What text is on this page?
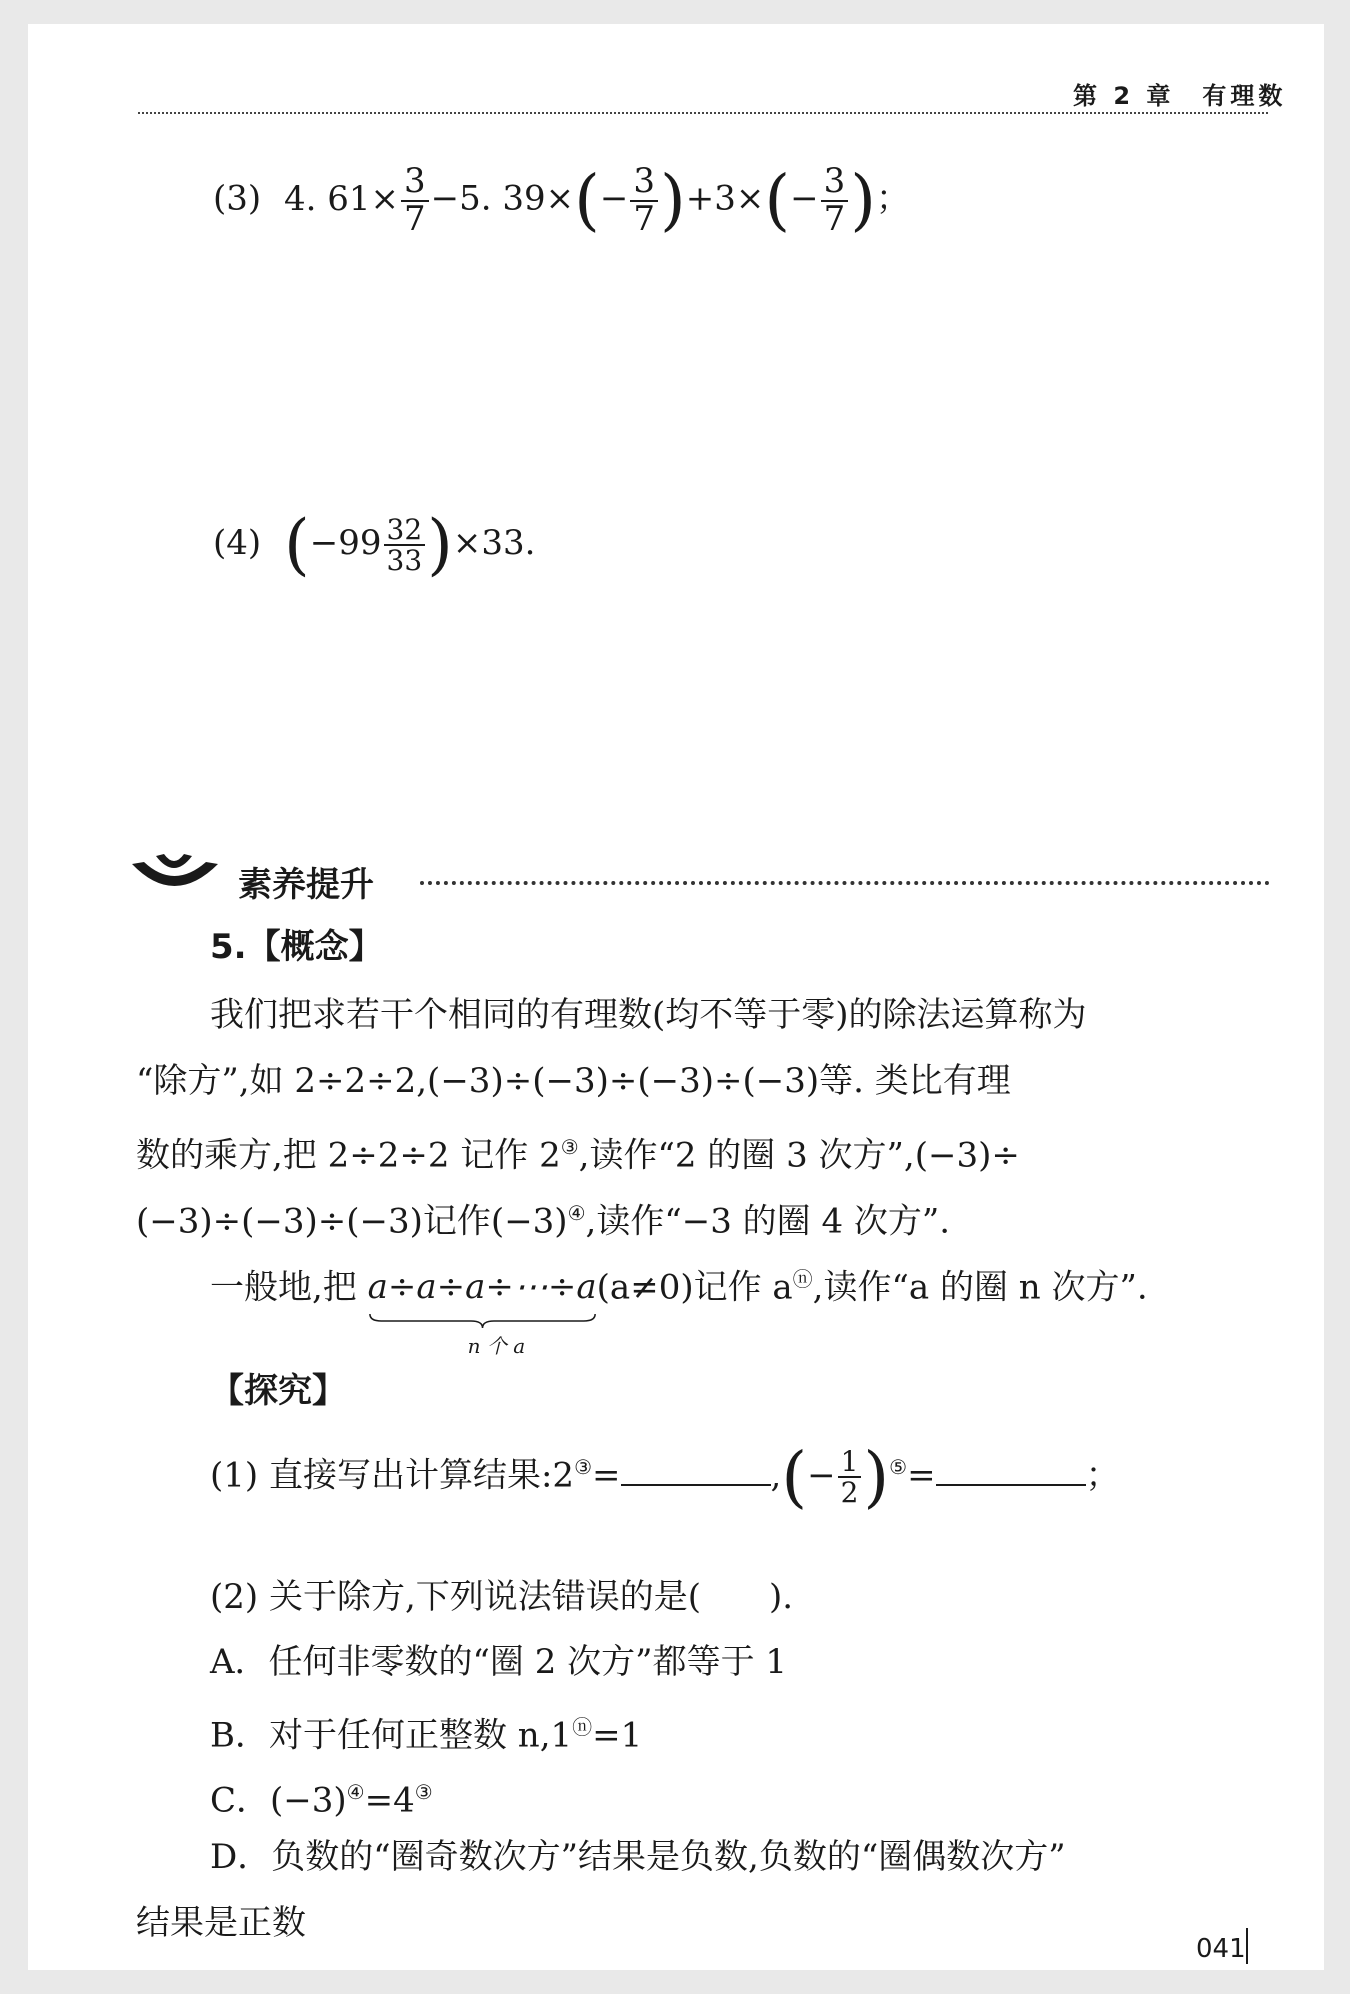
第 2 章　有理数
(3) 4. $61\times \frac{3}{7} -5$. $39\times(- \frac{3}{7} )+3\times(- \frac{3}{7}$ )；
(4) $(-99 \frac{32}{33} )\times 33$.
素养提升
5.【概念】
我们把求若干个相同的有理数(均不等于零)的除法运算称为
“除方”,如 2÷2÷2,(−3)÷(−3)÷(−3)÷(−3)等. 类比有理
数的乘方,把 2÷2÷2 记作 2③,读作“2 的圈 3 次方”,(−3)÷
(−3)÷(−3)÷(−3)记作(−3)④,读作“−3 的圈 4 次方”.
一般地,把 a÷a÷a÷⋯÷a
n 个 a
(a≠0)记作 aⓝ,读作“a 的圈 n 次方”.
【探究】
(1) 直接写出计算结果:2③=	,(− $\frac{1}{2} )^⑤=$	；
(2) 关于除方,下列说法错误的是(　　).
A．任何非零数的“圈 2 次方”都等于 1
B．对于任何正整数 n,1ⓝ=1
C．(−3)④=4③
D．负数的“圈奇数次方”结果是负数,负数的“圈偶数次方”
结果是正数
041
